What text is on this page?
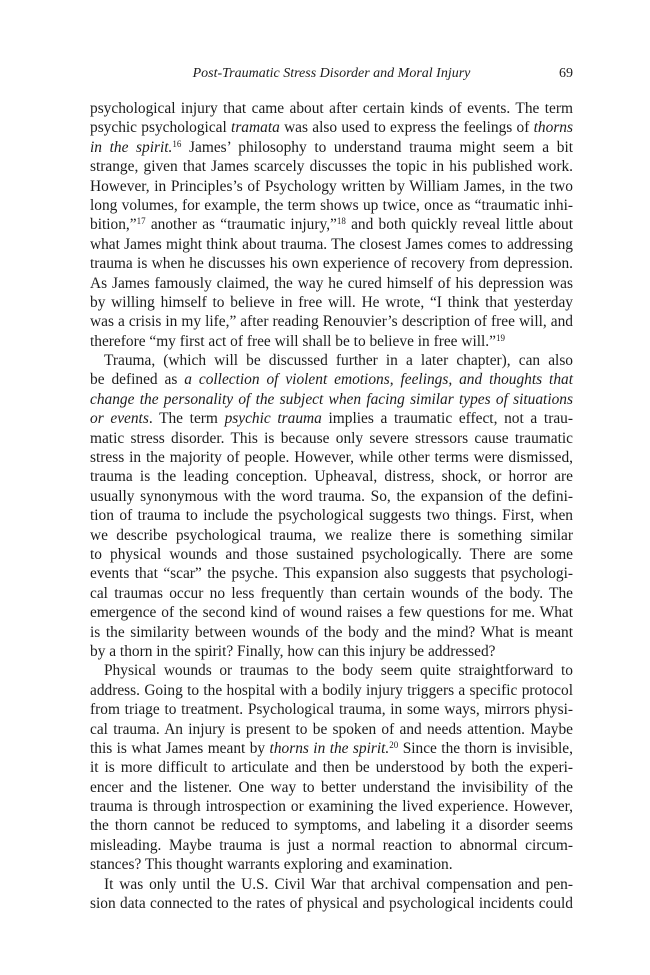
Post-Traumatic Stress Disorder and Moral Injury	69
psychological injury that came about after certain kinds of events. The term
psychic psychological tramata was also used to express the feelings of thorns
in the spirit.$^{16}$ James’ philosophy to understand trauma might seem a bit
strange, given that James scarcely discusses the topic in his published work.
However, in Principles’s of Psychology written by William James, in the two
long volumes, for example, the term shows up twice, once as “traumatic inhi-
bition,”$^{17}$ another as “traumatic injury,”$^{18}$ and both quickly reveal little about
what James might think about trauma. The closest James comes to addressing
trauma is when he discusses his own experience of recovery from depression.
As James famously claimed, the way he cured himself of his depression was
by willing himself to believe in free will. He wrote, “I think that yesterday
was a crisis in my life,” after reading Renouvier’s description of free will, and
therefore “my first act of free will shall be to believe in free will.”$^{19}$
Trauma, (which will be discussed further in a later chapter), can also
be defined as a collection of violent emotions, feelings, and thoughts that
change the personality of the subject when facing similar types of situations
or events. The term psychic trauma implies a traumatic effect, not a trau-
matic stress disorder. This is because only severe stressors cause traumatic
stress in the majority of people. However, while other terms were dismissed,
trauma is the leading conception. Upheaval, distress, shock, or horror are
usually synonymous with the word trauma. So, the expansion of the defini-
tion of trauma to include the psychological suggests two things. First, when
we describe psychological trauma, we realize there is something similar
to physical wounds and those sustained psychologically. There are some
events that “scar” the psyche. This expansion also suggests that psychologi-
cal traumas occur no less frequently than certain wounds of the body. The
emergence of the second kind of wound raises a few questions for me. What
is the similarity between wounds of the body and the mind? What is meant
by a thorn in the spirit? Finally, how can this injury be addressed?
Physical wounds or traumas to the body seem quite straightforward to
address. Going to the hospital with a bodily injury triggers a specific protocol
from triage to treatment. Psychological trauma, in some ways, mirrors physi-
cal trauma. An injury is present to be spoken of and needs attention. Maybe
this is what James meant by thorns in the spirit.$^{20}$ Since the thorn is invisible,
it is more difficult to articulate and then be understood by both the experi-
encer and the listener. One way to better understand the invisibility of the
trauma is through introspection or examining the lived experience. However,
the thorn cannot be reduced to symptoms, and labeling it a disorder seems
misleading. Maybe trauma is just a normal reaction to abnormal circum-
stances? This thought warrants exploring and examination.
It was only until the U.S. Civil War that archival compensation and pen-
sion data connected to the rates of physical and psychological incidents could
